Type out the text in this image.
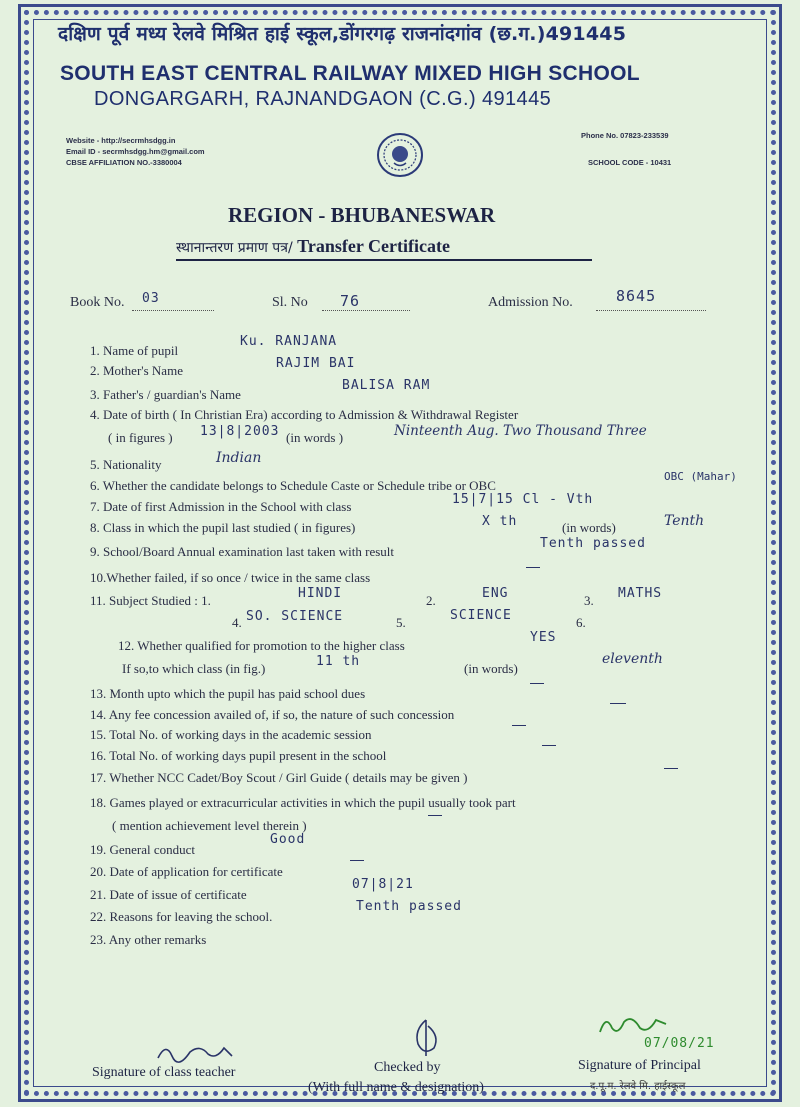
दक्षिण पूर्व मध्य रेलवे मिश्रित हाई स्कूल,डोंगरगढ़ राजनांदगांव (छ.ग.)491445
SOUTH EAST CENTRAL RAILWAY MIXED HIGH SCHOOL
DONGARGARH, RAJNANDGAON (C.G.) 491445
Website - http://secrmhsdgg.in
Email ID - secrmhsdgg.hm@gmail.com
CBSE AFFILIATION NO.-3380004
Phone No. 07823-233539
SCHOOL CODE - 10431
REGION - BHUBANESWAR
स्थानान्तरण प्रमाण पत्र/ Transfer Certificate
Book No. 03	Sl. No 76	Admission No.	8645
1. Name of pupil
Ku. RANJANA
2. Mother's Name	RAJIM BAI
3. Father's / guardian's Name
BALISA RAM
4. Date of birth ( In Christian Era) according to Admission & Withdrawal Register
( in figures ) 13|8|2003 (in words )	Ninteenth Aug. Two Thousand Three
5. Nationality	Indian
6. Whether the candidate belongs to Schedule Caste or Schedule tribe or OBC
OBC (Mahar)
7. Date of first Admission in the School with class	15|7|15 Cl - Vth
8. Class in which the pupil last studied ( in figures)	X th	(in words)	Tenth
9. School/Board Annual examination last taken with result
Tenth passed
10.Whether failed, if so once / twice in the same class
11. Subject Studied : 1.	HINDI	2.	ENG	3. MATHS
4. SO. SCIENCE	5.	SCIENCE	6.
12. Whether qualified for promotion to the higher class
YES
If so,to which class (in fig.)	11 th	(in words)
eleventh
13. Month upto which the pupil has paid school dues
14. Any fee concession availed of, if so, the nature of such concession
15. Total No. of working days in the academic session
16. Total No. of working days pupil present in the school
17. Whether NCC Cadet/Boy Scout / Girl Guide ( details may be given )
18. Games played or extracurricular activities in which the pupil usually took part
( mention achievement level therein )
19. General conduct
Good
20. Date of application for certificate
21. Date of issue of certificate
07|8|21
22. Reasons for leaving the school.
Tenth passed
23. Any other remarks
Signature of class teacher	Checked by
(With full name & designation)
07/08/21
Signature of Principal
द.पू.म. रेलवे मि. हाईस्कूल
